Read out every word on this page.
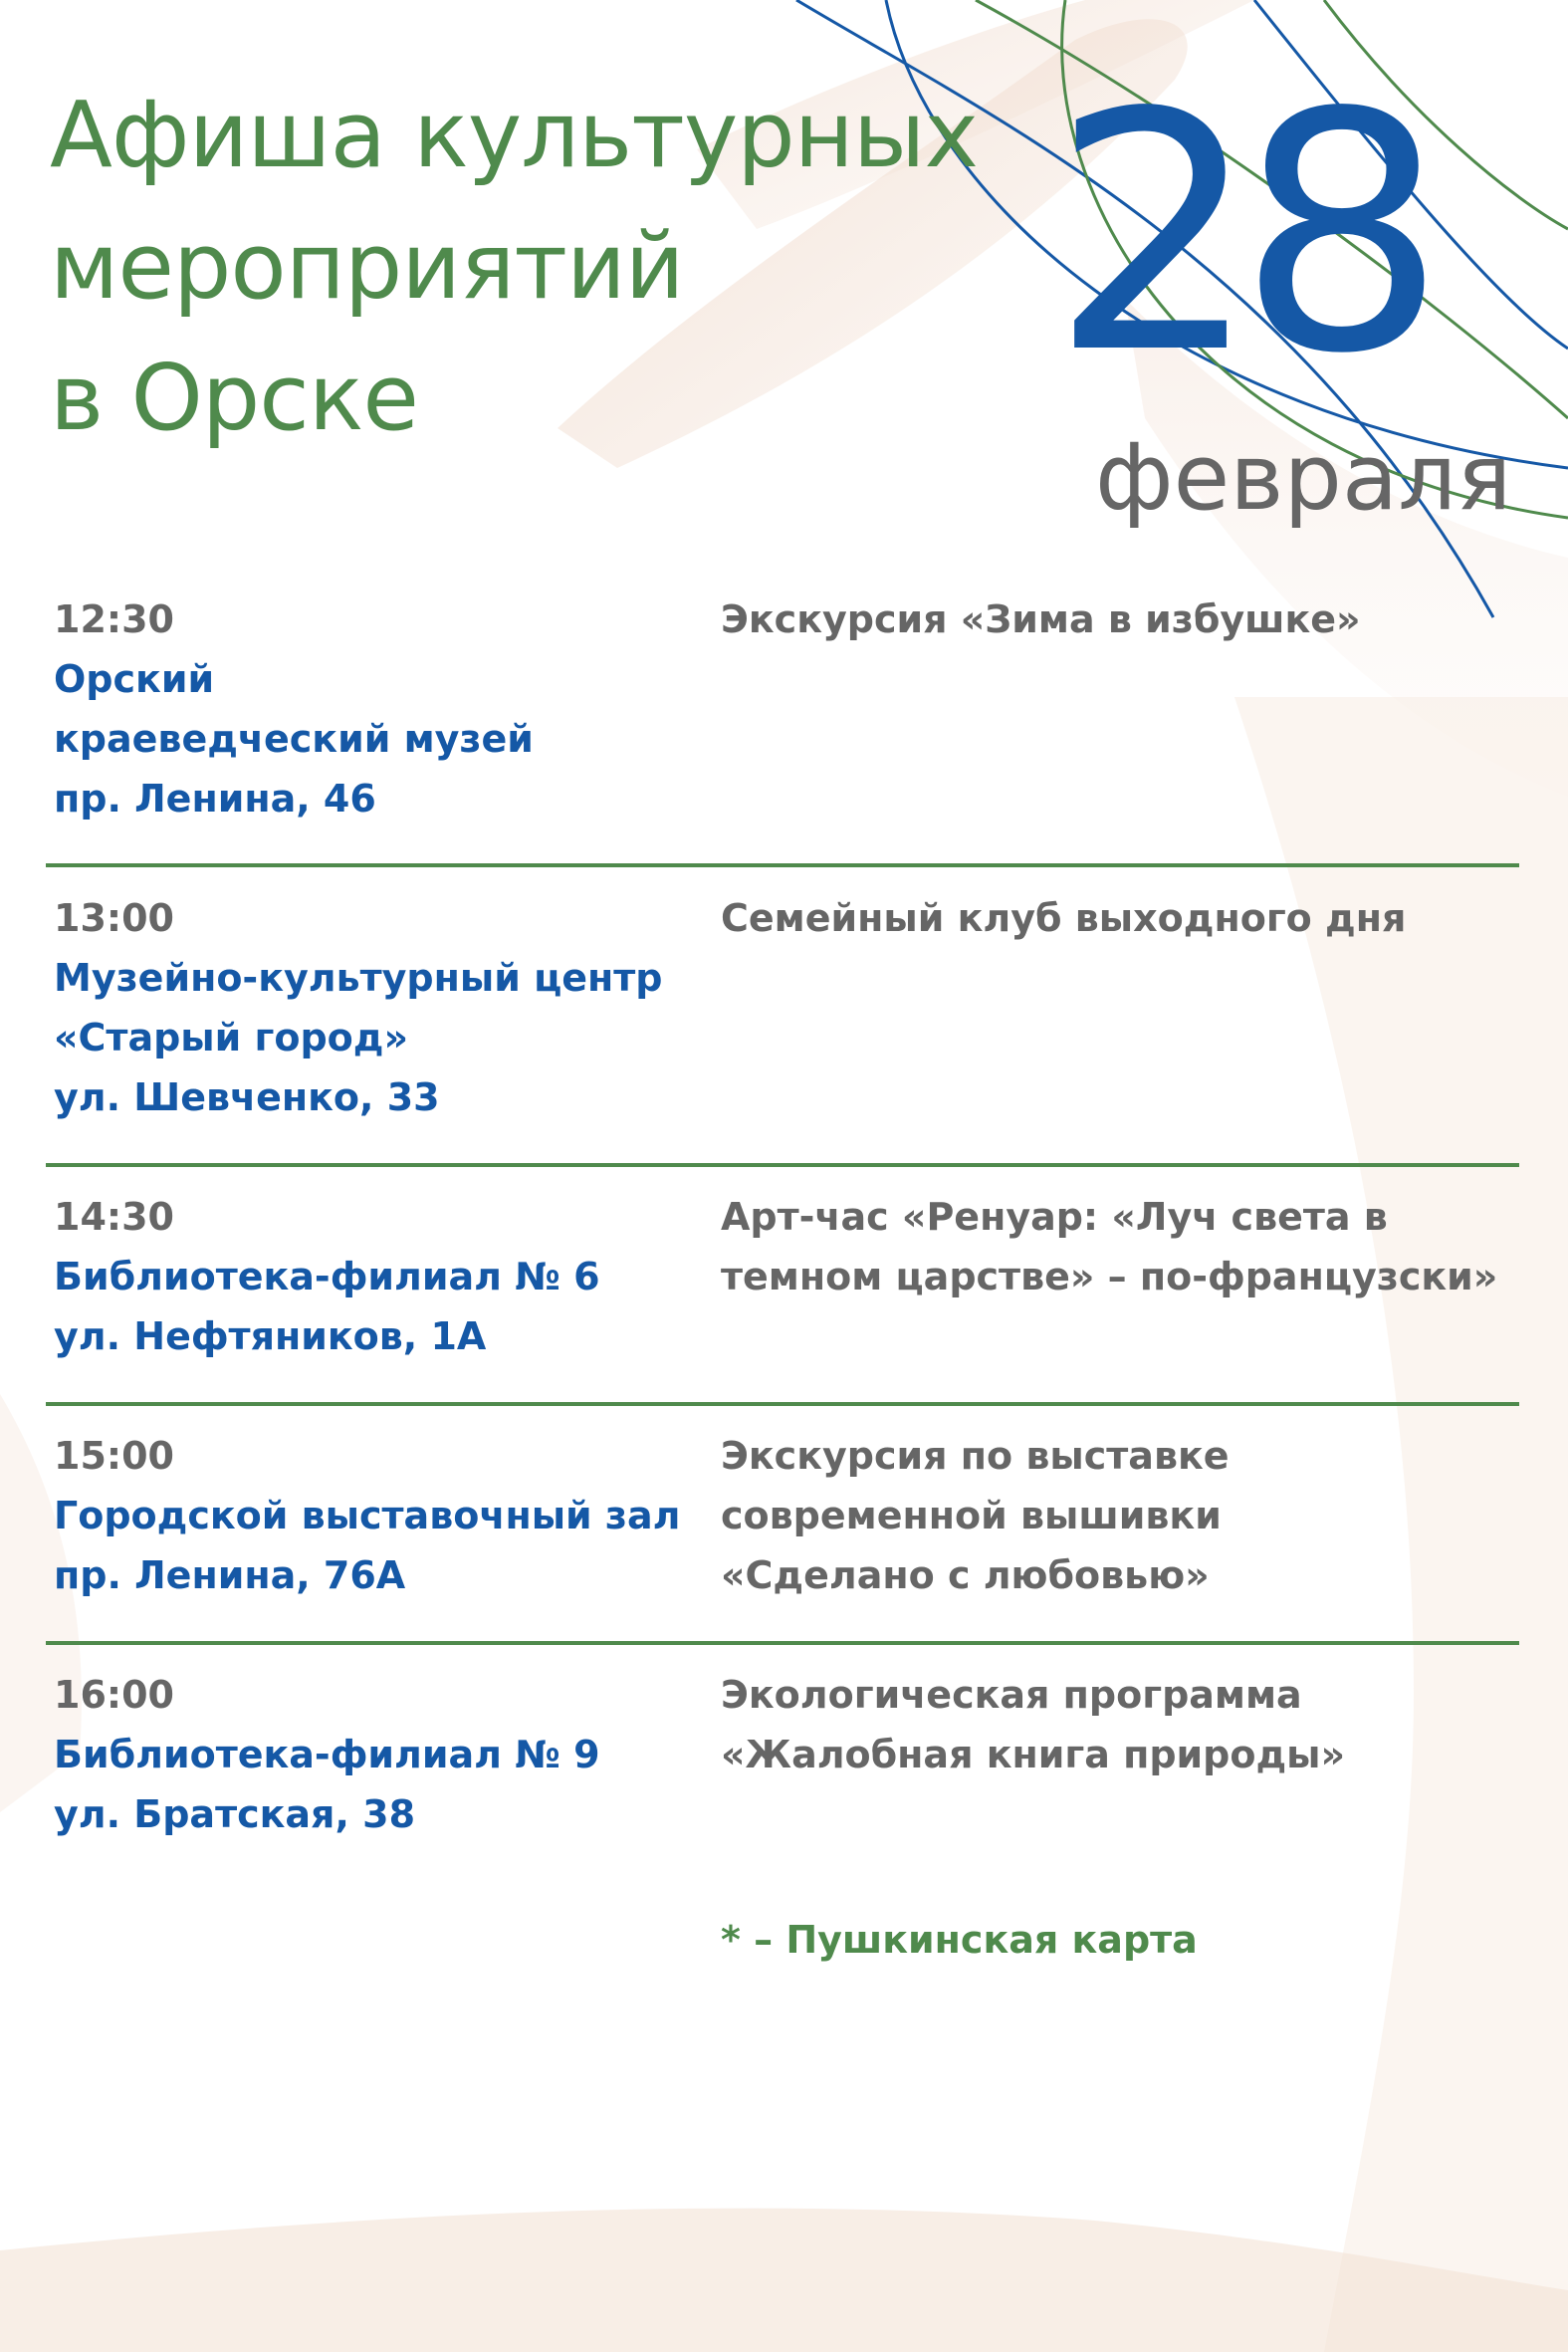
Афиша культурных
мероприятий
в Орске	28
февраля
12:30
Орский
краеведческий музей
пр. Ленина, 46
Экскурсия «Зима в избушке»
13:00
Музейно-культурный центр
«Старый город»
ул. Шевченко, 33
Семейный клуб выходного дня
14:30
Библиотека-филиал № 6
ул. Нефтяников, 1А
Арт-час «Ренуар: «Луч света в
темном царстве» – по-французски»
15:00
Городской выставочный зал
пр. Ленина, 76А
Экскурсия по выставке
современной вышивки
«Сделано с любовью»
16:00
Библиотека-филиал № 9
ул. Братская, 38
Экологическая программа
«Жалобная книга природы»
* – Пушкинская карта
